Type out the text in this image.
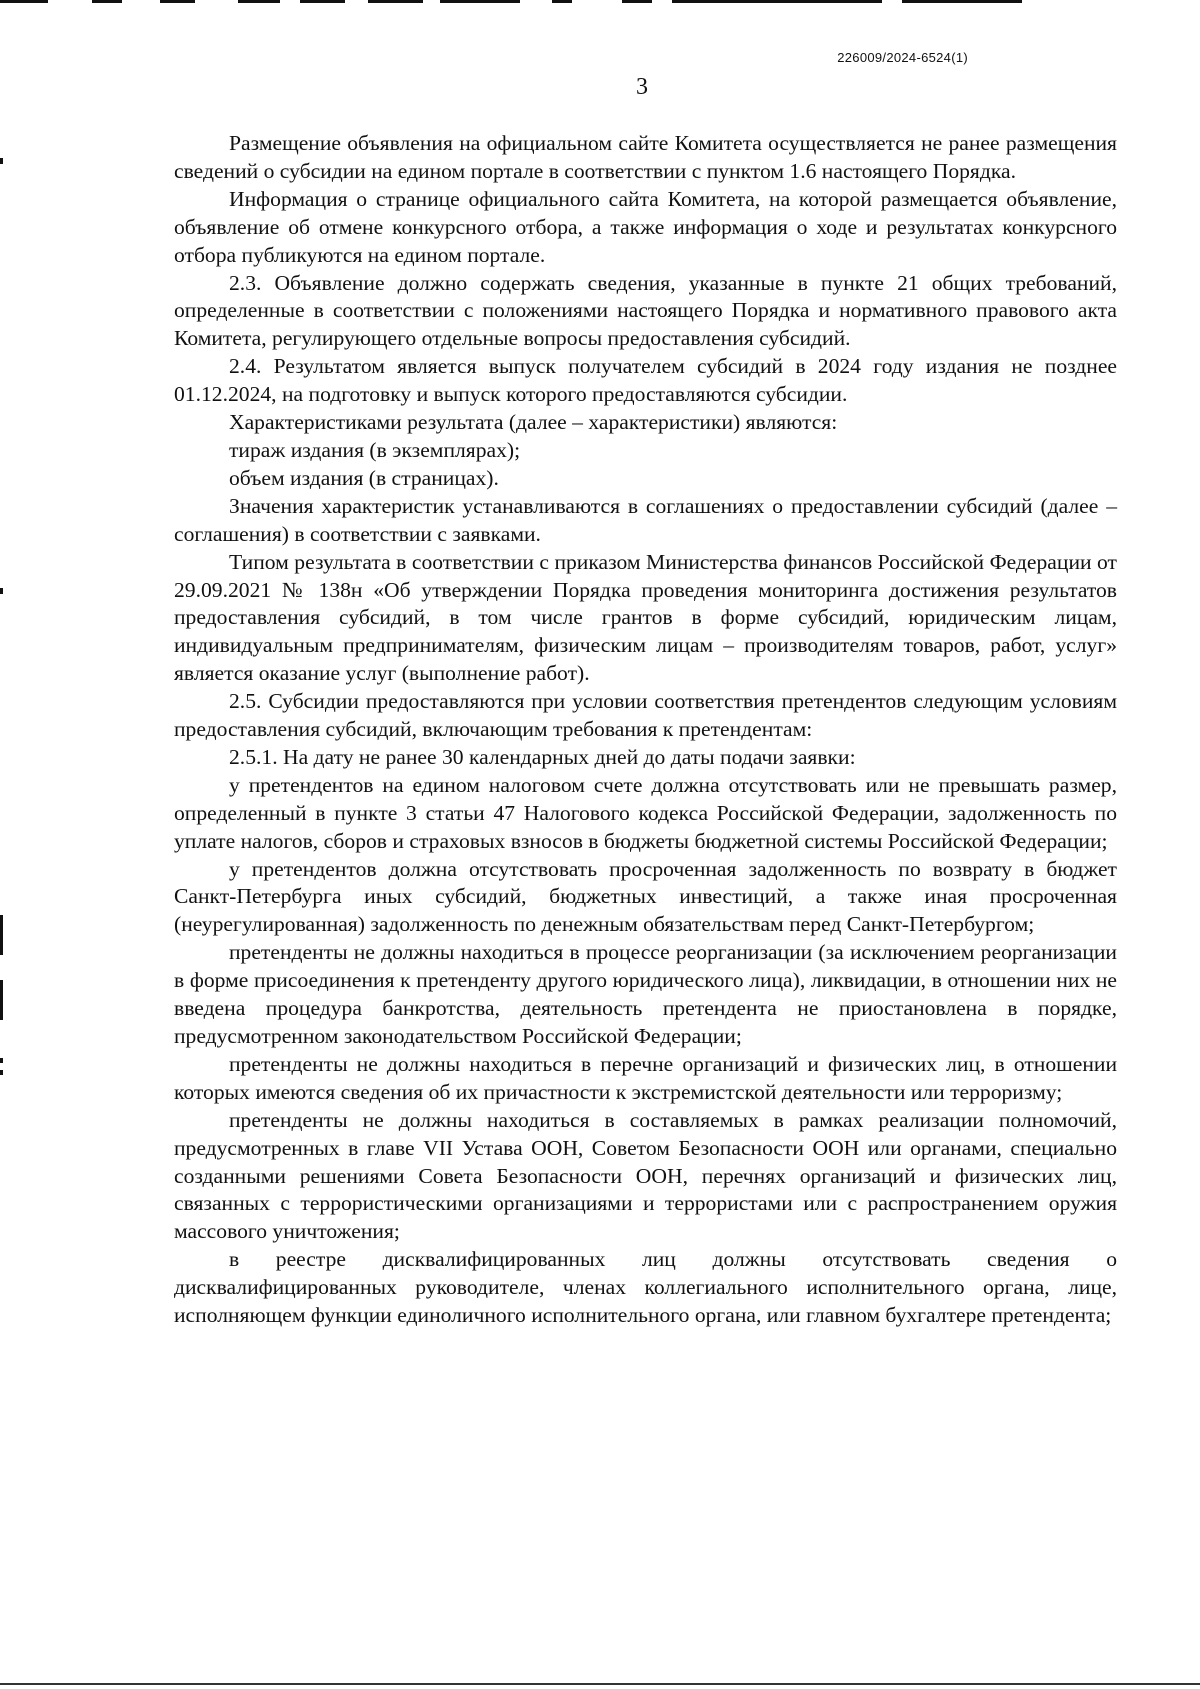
226009/2024-6524(1)
3

Размещение объявления на официальном сайте Комитета осуществляется не ранее размещения сведений о субсидии на едином портале в соответствии с пунктом 1.6 настоящего Порядка.

Информация о странице официального сайта Комитета, на которой размещается объявление, объявление об отмене конкурсного отбора, а также информация о ходе и результатах конкурсного отбора публикуются на едином портале.

2.3. Объявление должно содержать сведения, указанные в пункте 21 общих требований, определенные в соответствии с положениями настоящего Порядка и нормативного правового акта Комитета, регулирующего отдельные вопросы предоставления субсидий.

2.4. Результатом является выпуск получателем субсидий в 2024 году издания не позднее 01.12.2024, на подготовку и выпуск которого предоставляются субсидии.

Характеристиками результата (далее – характеристики) являются:

тираж издания (в экземплярах);

объем издания (в страницах).

Значения характеристик устанавливаются в соглашениях о предоставлении субсидий (далее – соглашения) в соответствии с заявками.

Типом результата в соответствии с приказом Министерства финансов Российской Федерации от 29.09.2021 № 138н «Об утверждении Порядка проведения мониторинга достижения результатов предоставления субсидий, в том числе грантов в форме субсидий, юридическим лицам, индивидуальным предпринимателям, физическим лицам – производителям товаров, работ, услуг» является оказание услуг (выполнение работ).

2.5. Субсидии предоставляются при условии соответствия претендентов следующим условиям предоставления субсидий, включающим требования к претендентам:

2.5.1. На дату не ранее 30 календарных дней до даты подачи заявки:

у претендентов на едином налоговом счете должна отсутствовать или не превышать размер, определенный в пункте 3 статьи 47 Налогового кодекса Российской Федерации, задолженность по уплате налогов, сборов и страховых взносов в бюджеты бюджетной системы Российской Федерации;

у претендентов должна отсутствовать просроченная задолженность по возврату в бюджет Санкт-Петербурга иных субсидий, бюджетных инвестиций, а также иная просроченная (неурегулированная) задолженность по денежным обязательствам перед Санкт-Петербургом;

претенденты не должны находиться в процессе реорганизации (за исключением реорганизации в форме присоединения к претенденту другого юридического лица), ликвидации, в отношении них не введена процедура банкротства, деятельность претендента не приостановлена в порядке, предусмотренном законодательством Российской Федерации;

претенденты не должны находиться в перечне организаций и физических лиц, в отношении которых имеются сведения об их причастности к экстремистской деятельности или терроризму;

претенденты не должны находиться в составляемых в рамках реализации полномочий, предусмотренных в главе VII Устава ООН, Советом Безопасности ООН или органами, специально созданными решениями Совета Безопасности ООН, перечнях организаций и физических лиц, связанных с террористическими организациями и террористами или с распространением оружия массового уничтожения;

в реестре дисквалифицированных лиц должны отсутствовать сведения о дисквалифицированных руководителе, членах коллегиального исполнительного органа, лице, исполняющем функции единоличного исполнительного органа, или главном бухгалтере претендента;
